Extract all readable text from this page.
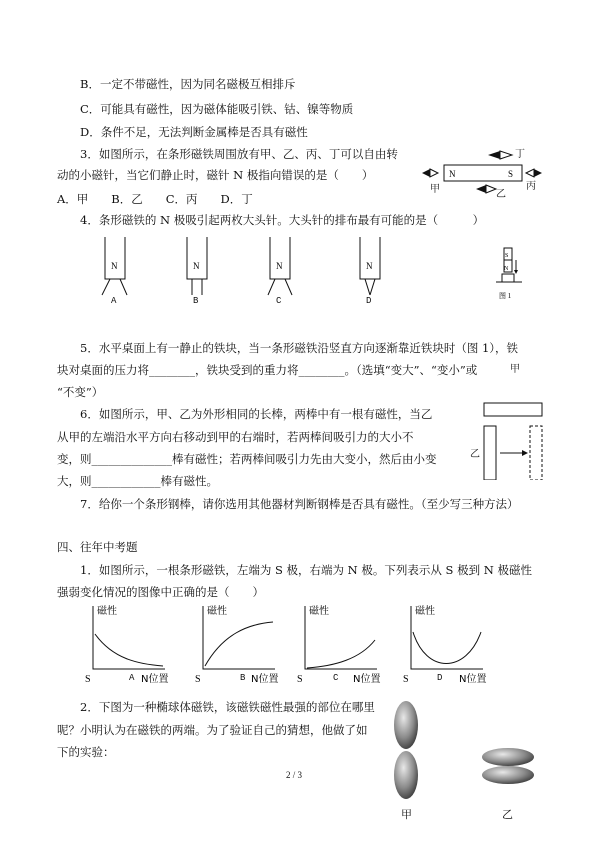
B．一定不带磁性，因为同名磁极互相排斥
C．可能具有磁性，因为磁体能吸引铁、钴、镍等物质
D．条件不足，无法判断金属棒是否具有磁性
3．如图所示，在条形磁铁周围放有甲、乙、丙、丁可以自由转
动的小磁针，当它们静止时，磁针 N 极指向错误的是（　　）
A．甲　　B．乙　　C．丙　　D．丁
4．条形磁铁的 N 极吸引起两枚大头针。大头针的排布最有可能的是（　　　）
5．水平桌面上有一静止的铁块，当一条形磁铁沿竖直方向逐渐靠近铁块时（图 1），铁
块对桌面的压力将________，铁块受到的重力将________。（选填“变大”、“变小”或
“不变”）
6．如图所示，甲、乙为外形相同的长棒，两棒中有一根有磁性，当乙
从甲的左端沿水平方向右移动到甲的右端时，若两棒间吸引力的大小不
变，则______________棒有磁性；若两棒间吸引力先由大变小，然后由小变
大，则____________棒有磁性。
7．给你一个条形钢棒，请你选用其他器材判断钢棒是否具有磁性。（至少写三种方法）
四、往年中考题
1．如图所示，一根条形磁铁，左端为 S 极，右端为 N 极。下列表示从 S 极到 N 极磁性
强弱变化情况的图像中正确的是（　　）
2．下图为一种椭球体磁铁，该磁铁磁性最强的部位在哪里
呢？小明认为在磁铁的两端。为了验证自己的猜想，他做了如
下的实验：
2 / 3
N	S
甲	乙
丙
丁
N	N	N	N
A	B	C	D
S
N
图 1
甲
乙
磁性
S	N位置
磁性
S	N位置
磁性
S	N位置
磁性
S	N位置
A	B	C	D
甲	乙
